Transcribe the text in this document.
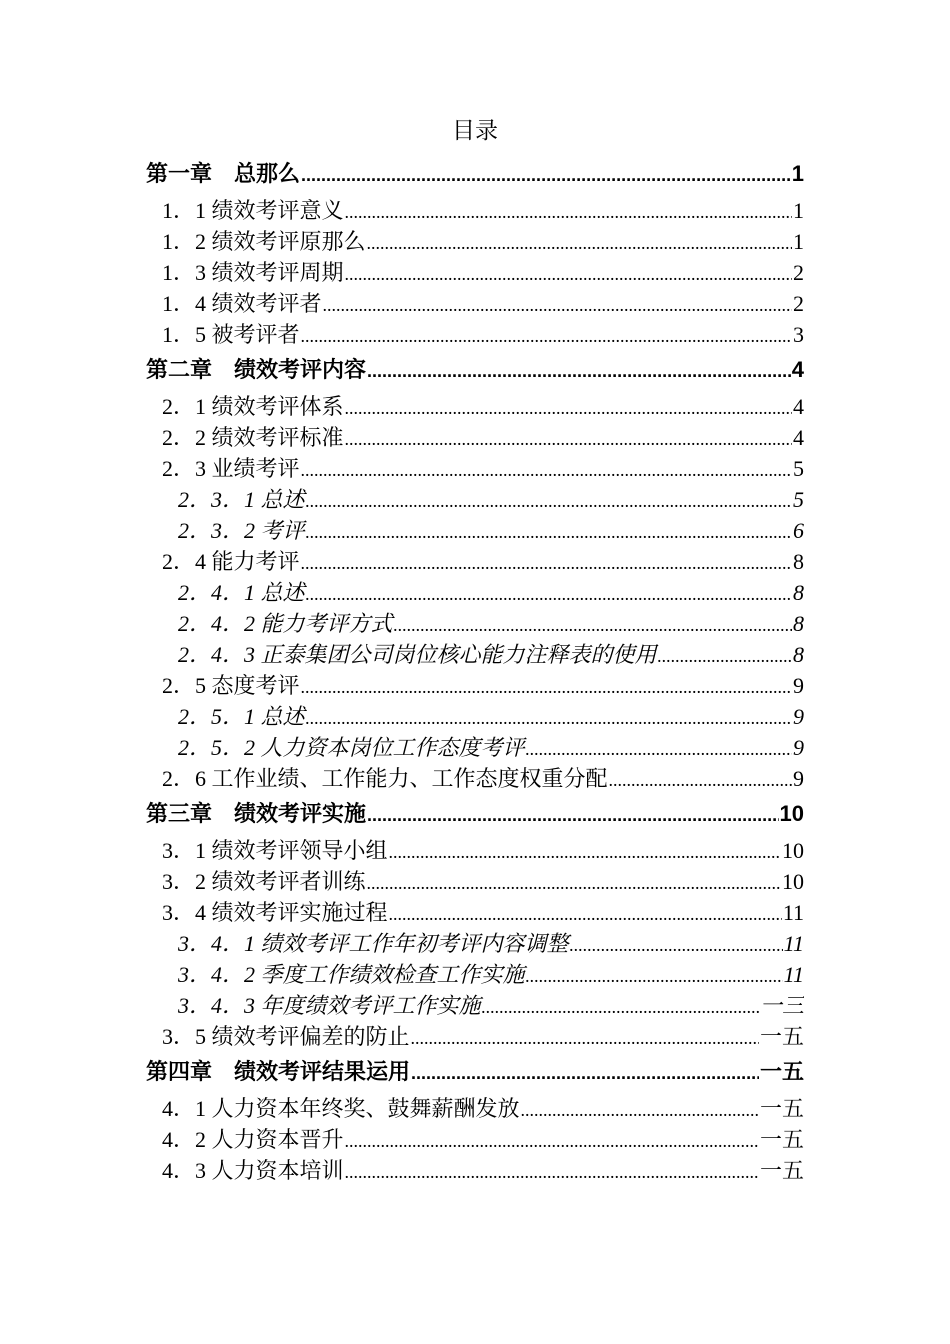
目录
第一章　总那么 .....	1
1．1 绩效考评意义 .....	1
1．2 绩效考评原那么 .....	1
1．3 绩效考评周期 .....	2
1．4 绩效考评者 .....	2
1．5 被考评者 .....	3
第二章　绩效考评内容 .....	4
2．1 绩效考评体系 .....	4
2．2 绩效考评标准 .....	4
2．3 业绩考评 .....	5
2．3．1 总述 .....	5
2．3．2 考评 .....	6
2．4 能力考评 .....	8
2．4．1 总述 .....	8
2．4．2 能力考评方式 .....	8
2．4．3 正泰集团公司岗位核心能力注释表的使用 .....	8
2．5 态度考评 .....	9
2．5．1 总述 .....	9
2．5．2 人力资本岗位工作态度考评 .....	9
2．6 工作业绩、工作能力、工作态度权重分配 .....	9
第三章　绩效考评实施 .....	10
3．1 绩效考评领导小组 .....	10
3．2 绩效考评者训练 .....	10
3．4 绩效考评实施过程 .....	11
3．4．1 绩效考评工作年初考评内容调整 .....	11
3．4．2 季度工作绩效检查工作实施 .....	11
3．4．3 年度绩效考评工作实施 .....	一三
3．5 绩效考评偏差的防止 .....	一五
第四章　绩效考评结果运用 .....	一五
4．1 人力资本年终奖、鼓舞薪酬发放 .....	一五
4．2 人力资本晋升 .....	一五
4．3 人力资本培训 .....	一五
